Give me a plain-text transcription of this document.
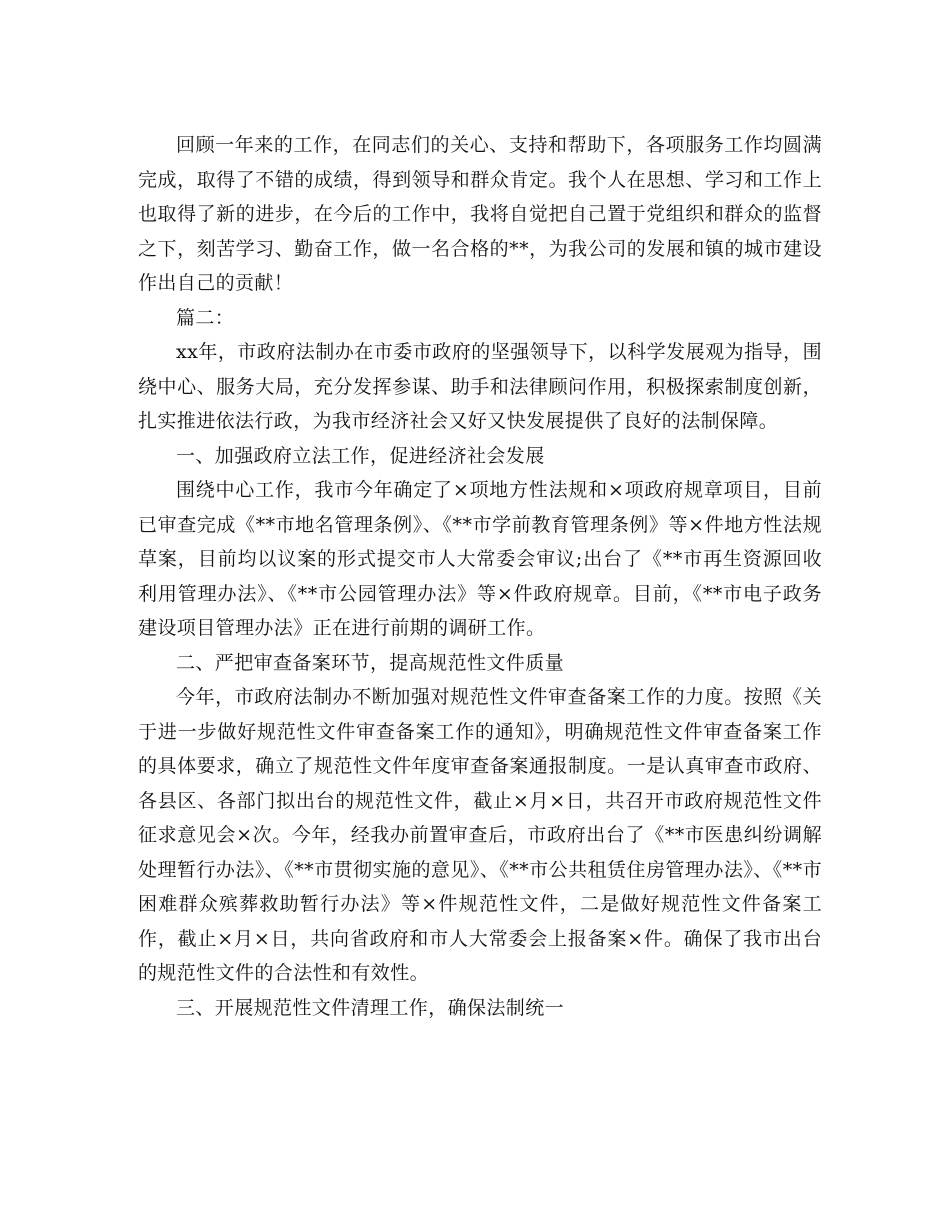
回顾一年来的工作，在同志们的关心、支持和帮助下，各项服务工作均圆满完成，取得了不错的成绩，得到领导和群众肯定。我个人在思想、学习和工作上也取得了新的进步，在今后的工作中，我将自觉把自己置于党组织和群众的监督之下，刻苦学习、勤奋工作，做一名合格的**，为我公司的发展和镇的城市建设作出自己的贡献！

篇二：

xx年，市政府法制办在市委市政府的坚强领导下，以科学发展观为指导，围绕中心、服务大局，充分发挥参谋、助手和法律顾问作用，积极探索制度创新，扎实推进依法行政，为我市经济社会又好又快发展提供了良好的法制保障。

一、加强政府立法工作，促进经济社会发展

围绕中心工作，我市今年确定了×项地方性法规和×项政府规章项目，目前已审查完成《**市地名管理条例》、《**市学前教育管理条例》等×件地方性法规草案，目前均以议案的形式提交市人大常委会审议;出台了《**市再生资源回收利用管理办法》、《**市公园管理办法》等×件政府规章。目前，《**市电子政务建设项目管理办法》正在进行前期的调研工作。

二、严把审查备案环节，提高规范性文件质量

今年，市政府法制办不断加强对规范性文件审查备案工作的力度。按照《关于进一步做好规范性文件审查备案工作的通知》，明确规范性文件审查备案工作的具体要求，确立了规范性文件年度审查备案通报制度。一是认真审查市政府、各县区、各部门拟出台的规范性文件，截止×月×日，共召开市政府规范性文件征求意见会×次。今年，经我办前置审查后，市政府出台了《**市医患纠纷调解处理暂行办法》、《**市贯彻实施的意见》、《**市公共租赁住房管理办法》、《**市困难群众殡葬救助暂行办法》等×件规范性文件，二是做好规范性文件备案工作，截止×月×日，共向省政府和市人大常委会上报备案×件。确保了我市出台的规范性文件的合法性和有效性。

三、开展规范性文件清理工作，确保法制统一
